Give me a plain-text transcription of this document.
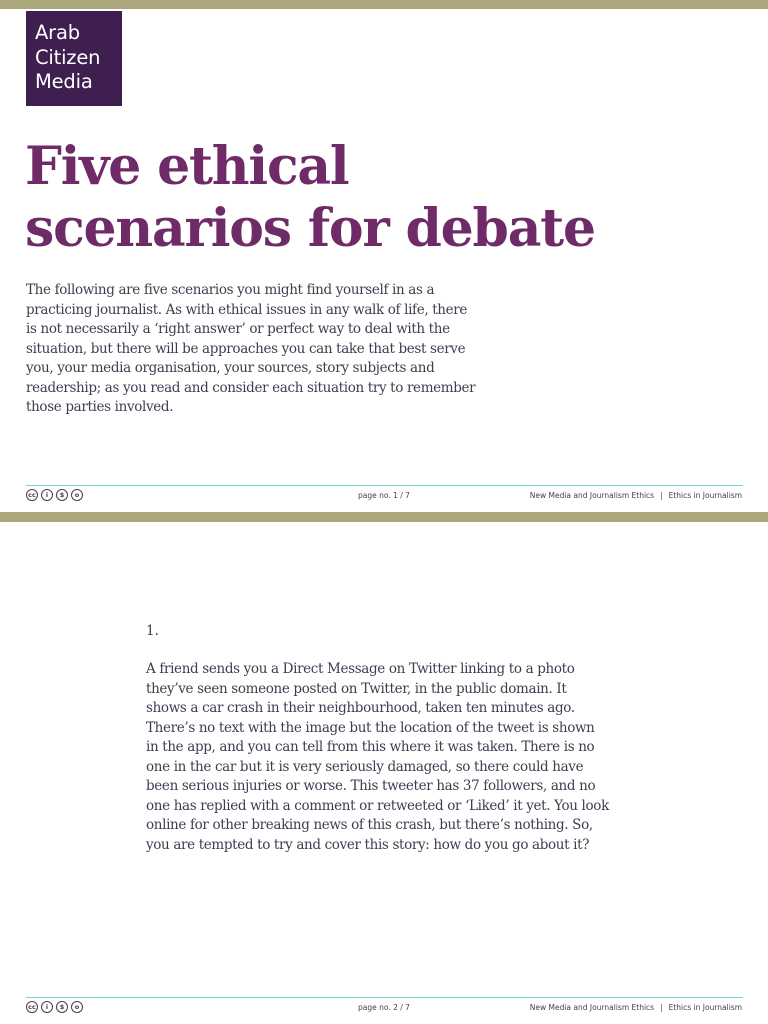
Arab
Citizen
Media
Five ethical
scenarios for debate

The following are five scenarios you might find yourself in as a
practicing journalist. As with ethical issues in any walk of life, there
is not necessarily a ‘right answer’ or perfect way to deal with the
situation, but there will be approaches you can take that best serve
you, your media organisation, your sources, story subjects and
readership; as you read and consider each situation try to remember
those parties involved.

cc	i	$	o	page no. 1 / 7	New Media and Journalism Ethics | Ethics in Journalism

1.

A friend sends you a Direct Message on Twitter linking to a photo
they’ve seen someone posted on Twitter, in the public domain. It
shows a car crash in their neighbourhood, taken ten minutes ago.
There’s no text with the image but the location of the tweet is shown
in the app, and you can tell from this where it was taken. There is no
one in the car but it is very seriously damaged, so there could have
been serious injuries or worse. This tweeter has 37 followers, and no
one has replied with a comment or retweeted or ‘Liked’ it yet. You look
online for other breaking news of this crash, but there’s nothing. So,
you are tempted to try and cover this story: how do you go about it?

cc	i	$	o	page no. 2 / 7	New Media and Journalism Ethics | Ethics in Journalism
